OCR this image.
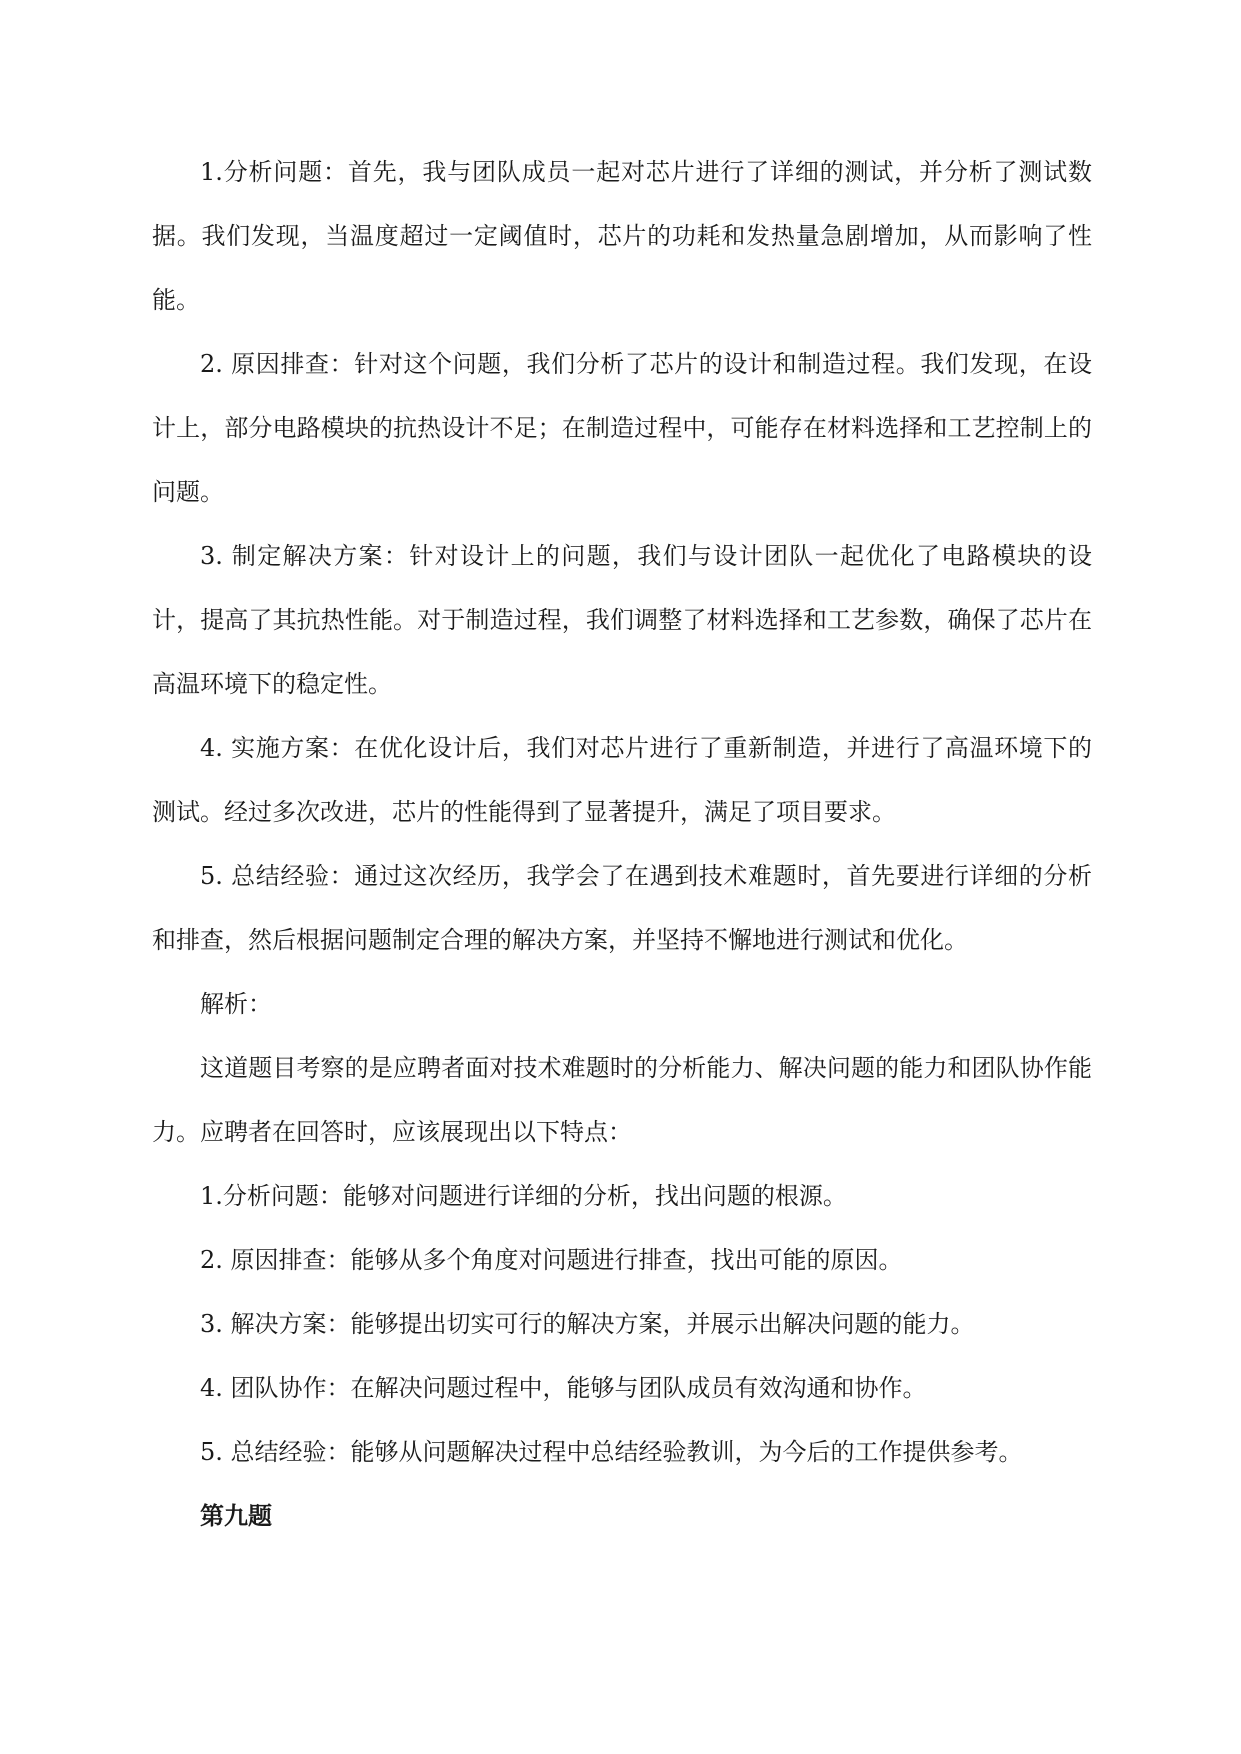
1.分析问题：首先，我与团队成员一起对芯片进行了详细的测试，并分析了测试数据。我们发现，当温度超过一定阈值时，芯片的功耗和发热量急剧增加，从而影响了性能。

2. 原因排查：针对这个问题，我们分析了芯片的设计和制造过程。我们发现，在设计上，部分电路模块的抗热设计不足；在制造过程中，可能存在材料选择和工艺控制上的问题。

3. 制定解决方案：针对设计上的问题，我们与设计团队一起优化了电路模块的设计，提高了其抗热性能。对于制造过程，我们调整了材料选择和工艺参数，确保了芯片在高温环境下的稳定性。

4. 实施方案：在优化设计后，我们对芯片进行了重新制造，并进行了高温环境下的测试。经过多次改进，芯片的性能得到了显著提升，满足了项目要求。

5. 总结经验：通过这次经历，我学会了在遇到技术难题时，首先要进行详细的分析和排查，然后根据问题制定合理的解决方案，并坚持不懈地进行测试和优化。

解析：

这道题目考察的是应聘者面对技术难题时的分析能力、解决问题的能力和团队协作能力。应聘者在回答时，应该展现出以下特点：

1.分析问题：能够对问题进行详细的分析，找出问题的根源。

2. 原因排查：能够从多个角度对问题进行排查，找出可能的原因。

3. 解决方案：能够提出切实可行的解决方案，并展示出解决问题的能力。

4. 团队协作：在解决问题过程中，能够与团队成员有效沟通和协作。

5. 总结经验：能够从问题解决过程中总结经验教训，为今后的工作提供参考。

第九题
